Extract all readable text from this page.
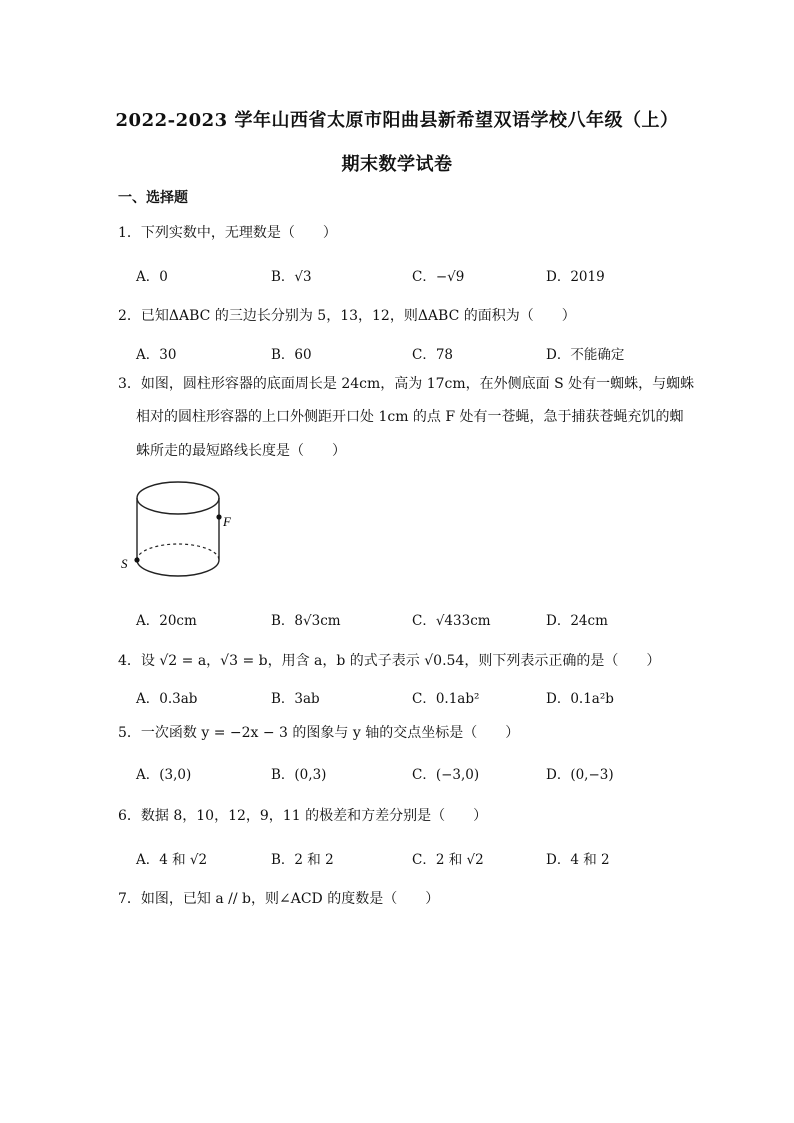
2022-2023 学年山西省太原市阳曲县新希望双语学校八年级（上）
期末数学试卷
一、选择题
1．下列实数中，无理数是（　　）
A．0	B．√3	C．−√9	D．2019
2．已知ΔABC 的三边长分别为 5，13，12，则ΔABC 的面积为（　　）
A．30	B．60	C．78	D．不能确定
3．如图，圆柱形容器的底面周长是 24cm，高为 17cm，在外侧底面 S 处有一蜘蛛，与蜘蛛
相对的圆柱形容器的上口外侧距开口处 1cm 的点 F 处有一苍蝇，急于捕获苍蝇充饥的蜘
蛛所走的最短路线长度是（　　）
F
S
A．20cm	B．8√3cm	C．√433cm	D．24cm
4．设 √2 = a，√3 = b，用含 a，b 的式子表示 √0.54，则下列表示正确的是（　　）
A．0.3ab	B．3ab	C．0.1ab²	D．0.1a²b
5．一次函数 y = −2x − 3 的图象与 y 轴的交点坐标是（　　）
A．(3,0)	B．(0,3)	C．(−3,0)	D．(0,−3)
6．数据 8，10，12，9，11 的极差和方差分别是（　　）
A．4 和 √2	B．2 和 2	C．2 和 √2	D．4 和 2
7．如图，已知 a // b，则∠ACD 的度数是（　　）
